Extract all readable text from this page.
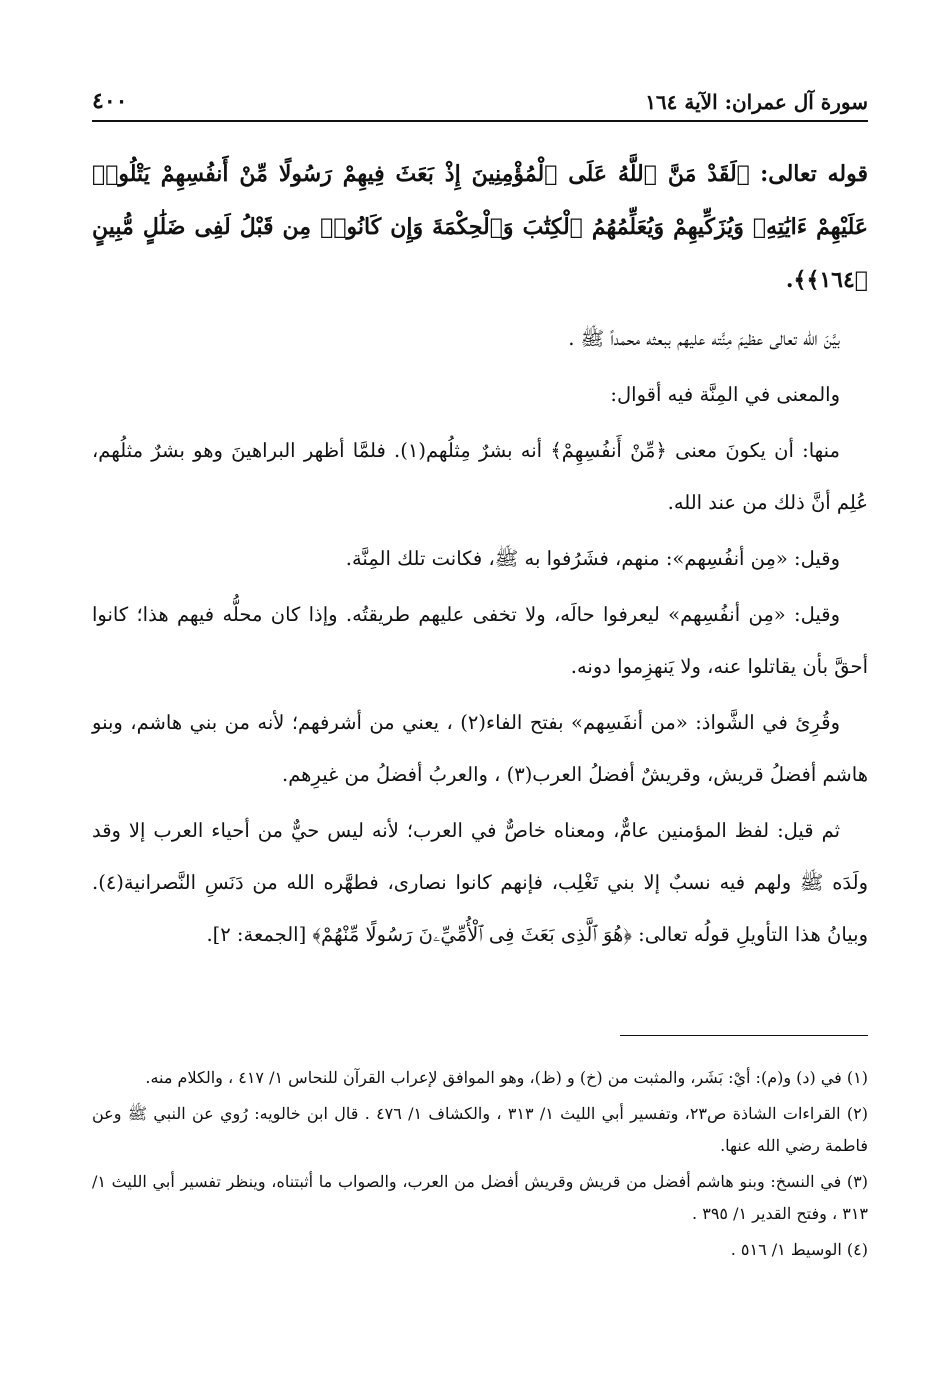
٤٠٠	سورة آل عمران: الآية ١٦٤
قوله تعالى: ﴿لَقَدْ مَنَّ ٱللَّهُ عَلَى ٱلْمُؤْمِنِينَ إِذْ بَعَثَ فِيهِمْ رَسُولًا مِّنْ أَنفُسِهِمْ يَتْلُوا۟ عَلَيْهِمْ ءَايَٰتِهِۦ وَيُزَكِّيهِمْ وَيُعَلِّمُهُمُ ٱلْكِتَٰبَ وَٱلْحِكْمَةَ وَإِن كَانُوا۟ مِن قَبْلُ لَفِى ضَلَٰلٍ مُّبِينٍ ﴿١٦٤﴾﴾.

بيَّنَ الله تعالى عظيمَ مِنَّته عليهم ببعثه محمداً ﷺ .

والمعنى في المِنَّة فيه أقوال:

منها: أن يكونَ معنى ﴿مِّنْ أَنفُسِهِمْ﴾ أنه بشرٌ مِثلُهم(١). فلمَّا أظهر البراهينَ وهو بشرٌ مثلُهم، عُلِم أنَّ ذلك من عند الله.

وقيل: «مِن أنفُسِهم»: منهم، فشَرُفوا به ﷺ، فكانت تلك المِنَّة.

وقيل: «مِن أنفُسِهم» ليعرفوا حالَه، ولا تخفى عليهم طريقتُه. وإذا كان محلُّه فيهم هذا؛ كانوا أحقَّ بأن يقاتلوا عنه، ولا يَنهزِموا دونه.

وقُرِئ في الشَّواذ: «من أنفَسِهم» بفتح الفاء(٢) ، يعني من أشرفهم؛ لأنه من بني هاشم، وبنو هاشم أفضلُ قريش، وقريشٌ أفضلُ العرب(٣) ، والعربُ أفضلُ من غيرِهم.

ثم قيل: لفظ المؤمنين عامٌّ، ومعناه خاصٌّ في العرب؛ لأنه ليس حيٌّ من أحياء العرب إلا وقد ولَدَه ﷺ ولهم فيه نسبٌ إلا بني تَغْلِب، فإنهم كانوا نصارى، فطهَّره الله من دَنَسِ النَّصرانية(٤). وبيانُ هذا التأويلِ قولُه تعالى: ﴿هُوَ ٱلَّذِى بَعَثَ فِى ٱلْأُمِّيِّۦنَ رَسُولًا مِّنْهُمْ﴾ [الجمعة: ٢].

(١) في (د) و(م): أيْ: بَشَر، والمثبت من (خ) و (ظ)، وهو الموافق لإعراب القرآن للنحاس ١/ ٤١٧ ، والكلام منه.
(٢) القراءات الشاذة ص٢٣، وتفسير أبي الليث ١/ ٣١٣ ، والكشاف ١/ ٤٧٦ . قال ابن خالويه: رُوي عن النبي ﷺ وعن فاطمة رضي الله عنها.
(٣) في النسخ: وبنو هاشم أفضل من قريش وقريش أفضل من العرب، والصواب ما أثبتناه، وينظر تفسير أبي الليث ١/ ٣١٣ ، وفتح القدير ١/ ٣٩٥ .
(٤) الوسيط ١/ ٥١٦ .
